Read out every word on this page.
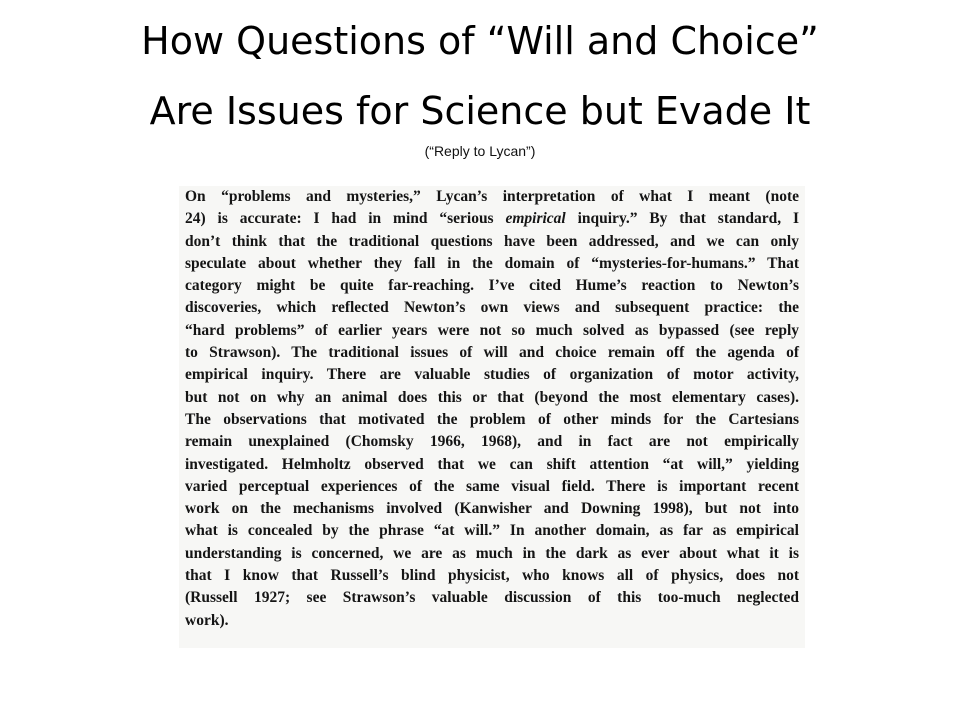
How Questions of “Will and Choice”
Are Issues for Science but Evade It
(“Reply to Lycan”)
On “problems and mysteries,” Lycan’s interpretation of what I meant (note
24) is accurate: I had in mind “serious empirical inquiry.” By that standard, I
don’t think that the traditional questions have been addressed, and we can only
speculate about whether they fall in the domain of “mysteries-for-humans.” That
category might be quite far-reaching. I’ve cited Hume’s reaction to Newton’s
discoveries, which reflected Newton’s own views and subsequent practice: the
“hard problems” of earlier years were not so much solved as bypassed (see reply
to Strawson). The traditional issues of will and choice remain off the agenda of
empirical inquiry. There are valuable studies of organization of motor activity,
but not on why an animal does this or that (beyond the most elementary cases).
The observations that motivated the problem of other minds for the Cartesians
remain unexplained (Chomsky 1966, 1968), and in fact are not empirically
investigated. Helmholtz observed that we can shift attention “at will,” yielding
varied perceptual experiences of the same visual field. There is important recent
work on the mechanisms involved (Kanwisher and Downing 1998), but not into
what is concealed by the phrase “at will.” In another domain, as far as empirical
understanding is concerned, we are as much in the dark as ever about what it is
that I know that Russell’s blind physicist, who knows all of physics, does not
(Russell 1927; see Strawson’s valuable discussion of this too-much neglected
work).
